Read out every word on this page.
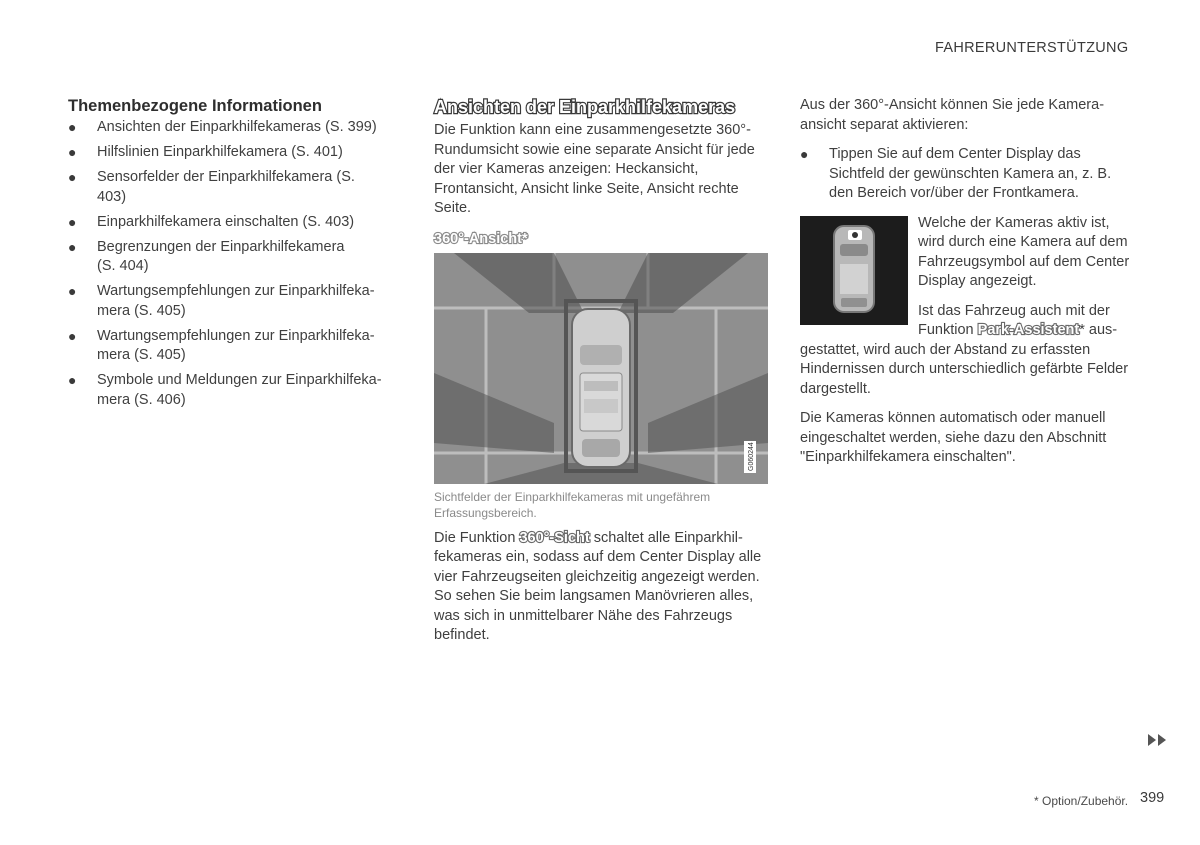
FAHRERUNTERSTÜTZUNG
Themenbezogene Informationen
● Ansichten der Einparkhilfekameras (S. 399)
● Hilfslinien Einparkhilfekamera (S. 401)
● Sensorfelder der Einparkhilfekamera (S. 403)
● Einparkhilfekamera einschalten (S. 403)
● Begrenzungen der Einparkhilfekamera (S. 404)
● Wartungsempfehlungen zur Einparkhilfekamera (S. 405)
● Wartungsempfehlungen zur Einparkhilfekamera (S. 405)
● Symbole und Meldungen zur Einparkhilfekamera (S. 406)
Ansichten der Einparkhilfekameras

Die Funktion kann eine zusammengesetzte 360°-Rundumsicht sowie eine separate Ansicht für jede der vier Kameras anzeigen: Heckansicht, Frontansicht, Ansicht linke Seite, Ansicht rechte Seite.

360°-Ansicht*
G060244
Sichtfelder der Einparkhilfekameras mit ungefährem Erfassungsbereich.

Die Funktion 360°-Sicht schaltet alle Einparkhilfekameras ein, sodass auf dem Center Display alle vier Fahrzeugseiten gleichzeitig angezeigt werden. So sehen Sie beim langsamen Manövrieren alles, was sich in unmittelbarer Nähe des Fahrzeugs befindet.

Aus der 360°-Ansicht können Sie jede Kameraansicht separat aktivieren:

● Tippen Sie auf dem Center Display das Sichtfeld der gewünschten Kamera an, z. B. den Bereich vor/über der Frontkamera.

Welche der Kameras aktiv ist, wird durch eine Kamera auf dem Fahrzeugsymbol auf dem Center Display angezeigt.

Ist das Fahrzeug auch mit der Funktion Park-Assistent* ausgestattet, wird auch der Abstand zu erfassten Hindernissen durch unterschiedlich gefärbte Felder dargestellt.

Die Kameras können automatisch oder manuell eingeschaltet werden, siehe dazu den Abschnitt "Einparkhilfekamera einschalten".

* Option/Zubehör. 399
